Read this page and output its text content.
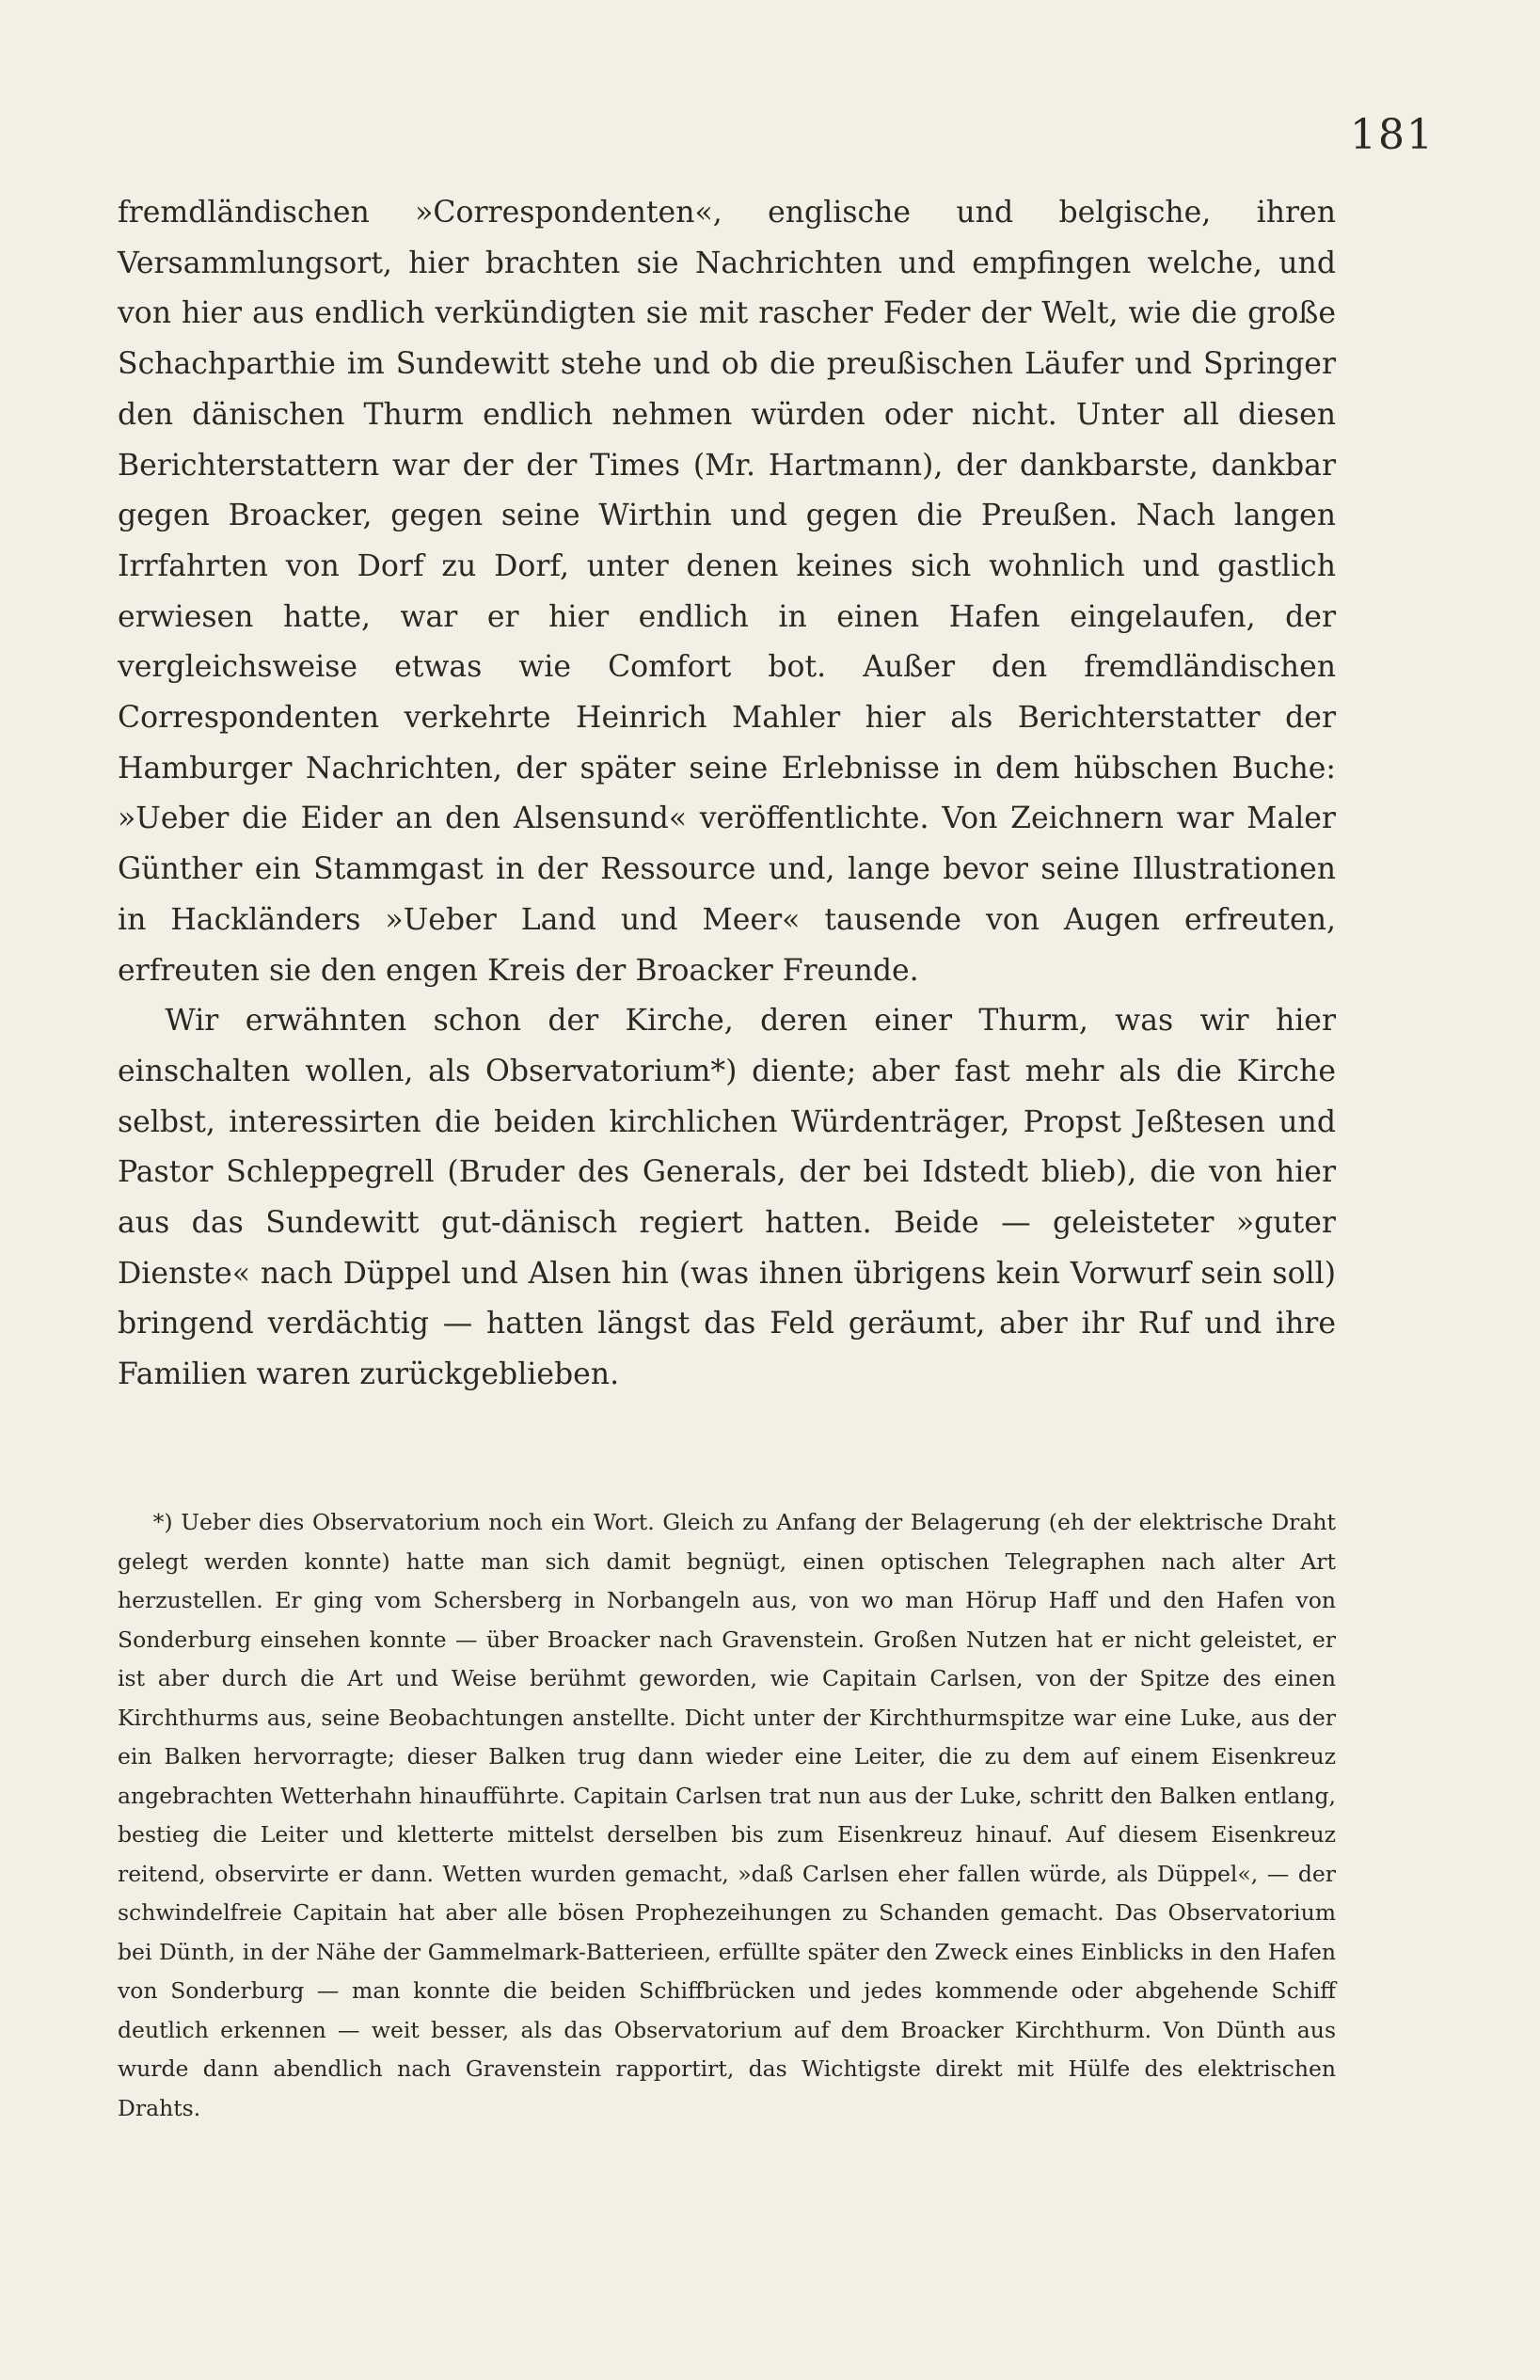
181

fremdländischen »Correspondenten«, englische und belgische, ihren Versammlungsort, hier brachten sie Nachrichten und empfingen welche, und von hier aus endlich verkündigten sie mit rascher Feder der Welt, wie die große Schachparthie im Sundewitt stehe und ob die preußischen Läufer und Springer den dänischen Thurm endlich nehmen würden oder nicht. Unter all diesen Berichterstattern war der der Times (Mr. Hartmann), der dankbarste, dankbar gegen Broacker, gegen seine Wirthin und gegen die Preußen. Nach langen Irrfahrten von Dorf zu Dorf, unter denen keines sich wohnlich und gastlich erwiesen hatte, war er hier endlich in einen Hafen eingelaufen, der vergleichsweise etwas wie Comfort bot. Außer den fremdländischen Correspondenten verkehrte Heinrich Mahler hier als Berichterstatter der Hamburger Nachrichten, der später seine Erlebnisse in dem hübschen Buche: »Ueber die Eider an den Alsensund« veröffentlichte. Von Zeichnern war Maler Günther ein Stammgast in der Ressource und, lange bevor seine Illustrationen in Hackländers »Ueber Land und Meer« tausende von Augen erfreuten, erfreuten sie den engen Kreis der Broacker Freunde.

Wir erwähnten schon der Kirche, deren einer Thurm, was wir hier einschalten wollen, als Observatorium*) diente; aber fast mehr als die Kirche selbst, interessirten die beiden kirchlichen Würdenträger, Propst Jeßtesen und Pastor Schleppegrell (Bruder des Generals, der bei Idstedt blieb), die von hier aus das Sundewitt gut-dänisch regiert hatten. Beide — geleisteter »guter Dienste« nach Düppel und Alsen hin (was ihnen übrigens kein Vorwurf sein soll) bringend verdächtig — hatten längst das Feld geräumt, aber ihr Ruf und ihre Familien waren zurückgeblieben.

*) Ueber dies Observatorium noch ein Wort. Gleich zu Anfang der Belagerung (eh der elektrische Draht gelegt werden konnte) hatte man sich damit begnügt, einen optischen Telegraphen nach alter Art herzustellen. Er ging vom Schersberg in Norbangeln aus, von wo man Hörup Haff und den Hafen von Sonderburg einsehen konnte — über Broacker nach Gravenstein. Großen Nutzen hat er nicht geleistet, er ist aber durch die Art und Weise berühmt geworden, wie Capitain Carlsen, von der Spitze des einen Kirchthurms aus, seine Beobachtungen anstellte. Dicht unter der Kirchthurmspitze war eine Luke, aus der ein Balken hervorragte; dieser Balken trug dann wieder eine Leiter, die zu dem auf einem Eisenkreuz angebrachten Wetterhahn hinaufführte. Capitain Carlsen trat nun aus der Luke, schritt den Balken entlang, bestieg die Leiter und kletterte mittelst derselben bis zum Eisenkreuz hinauf. Auf diesem Eisenkreuz reitend, observirte er dann. Wetten wurden gemacht, »daß Carlsen eher fallen würde, als Düppel«, — der schwindelfreie Capitain hat aber alle bösen Prophezeihungen zu Schanden gemacht. Das Observatorium bei Dünth, in der Nähe der Gammelmark-Batterieen, erfüllte später den Zweck eines Einblicks in den Hafen von Sonderburg — man konnte die beiden Schiffbrücken und jedes kommende oder abgehende Schiff deutlich erkennen — weit besser, als das Observatorium auf dem Broacker Kirchthurm. Von Dünth aus wurde dann abendlich nach Gravenstein rapportirt, das Wichtigste direkt mit Hülfe des elektrischen Drahts.
